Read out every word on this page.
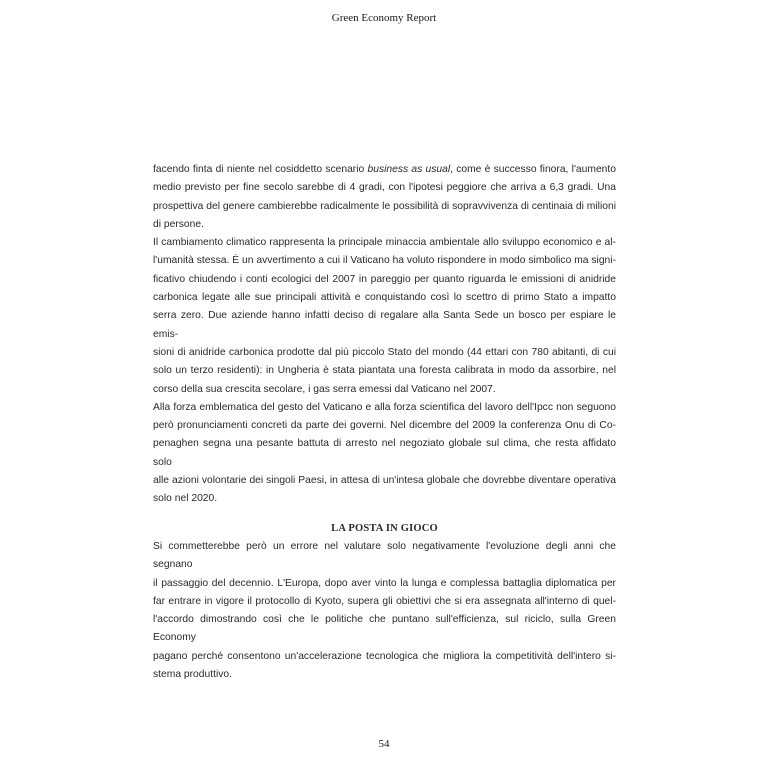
Green Economy Report

facendo finta di niente nel cosiddetto scenario business as usual, come è successo finora, l'aumento
medio previsto per fine secolo sarebbe di 4 gradi, con l'ipotesi peggiore che arriva a 6,3 gradi. Una
prospettiva del genere cambierebbe radicalmente le possibilità di sopravvivenza di centinaia di milioni
di persone.

Il cambiamento climatico rappresenta la principale minaccia ambientale allo sviluppo economico e al-
l'umanità stessa. È un avvertimento a cui il Vaticano ha voluto rispondere in modo simbolico ma signi-
ficativo chiudendo i conti ecologici del 2007 in pareggio per quanto riguarda le emissioni di anidride
carbonica legate alle sue principali attività e conquistando così lo scettro di primo Stato a impatto
serra zero. Due aziende hanno infatti deciso di regalare alla Santa Sede un bosco per espiare le emis-
sioni di anidride carbonica prodotte dal più piccolo Stato del mondo (44 ettari con 780 abitanti, di cui
solo un terzo residenti): in Ungheria è stata piantata una foresta calibrata in modo da assorbire, nel
corso della sua crescita secolare, i gas serra emessi dal Vaticano nel 2007.

Alla forza emblematica del gesto del Vaticano e alla forza scientifica del lavoro dell'Ipcc non seguono
però pronunciamenti concreti da parte dei governi. Nel dicembre del 2009 la conferenza Onu di Co-
penaghen segna una pesante battuta di arresto nel negoziato globale sul clima, che resta affidato solo
alle azioni volontarie dei singoli Paesi, in attesa di un'intesa globale che dovrebbe diventare operativa
solo nel 2020.

LA POSTA IN GIOCO

Si commetterebbe però un errore nel valutare solo negativamente l'evoluzione degli anni che segnano
il passaggio del decennio. L'Europa, dopo aver vinto la lunga e complessa battaglia diplomatica per
far entrare in vigore il protocollo di Kyoto, supera gli obiettivi che si era assegnata all'interno di quel-
l'accordo dimostrando così che le politiche che puntano sull'efficienza, sul riciclo, sulla Green Economy
pagano perché consentono un'accelerazione tecnologica che migliora la competitività dell'intero si-
stema produttivo.

54
